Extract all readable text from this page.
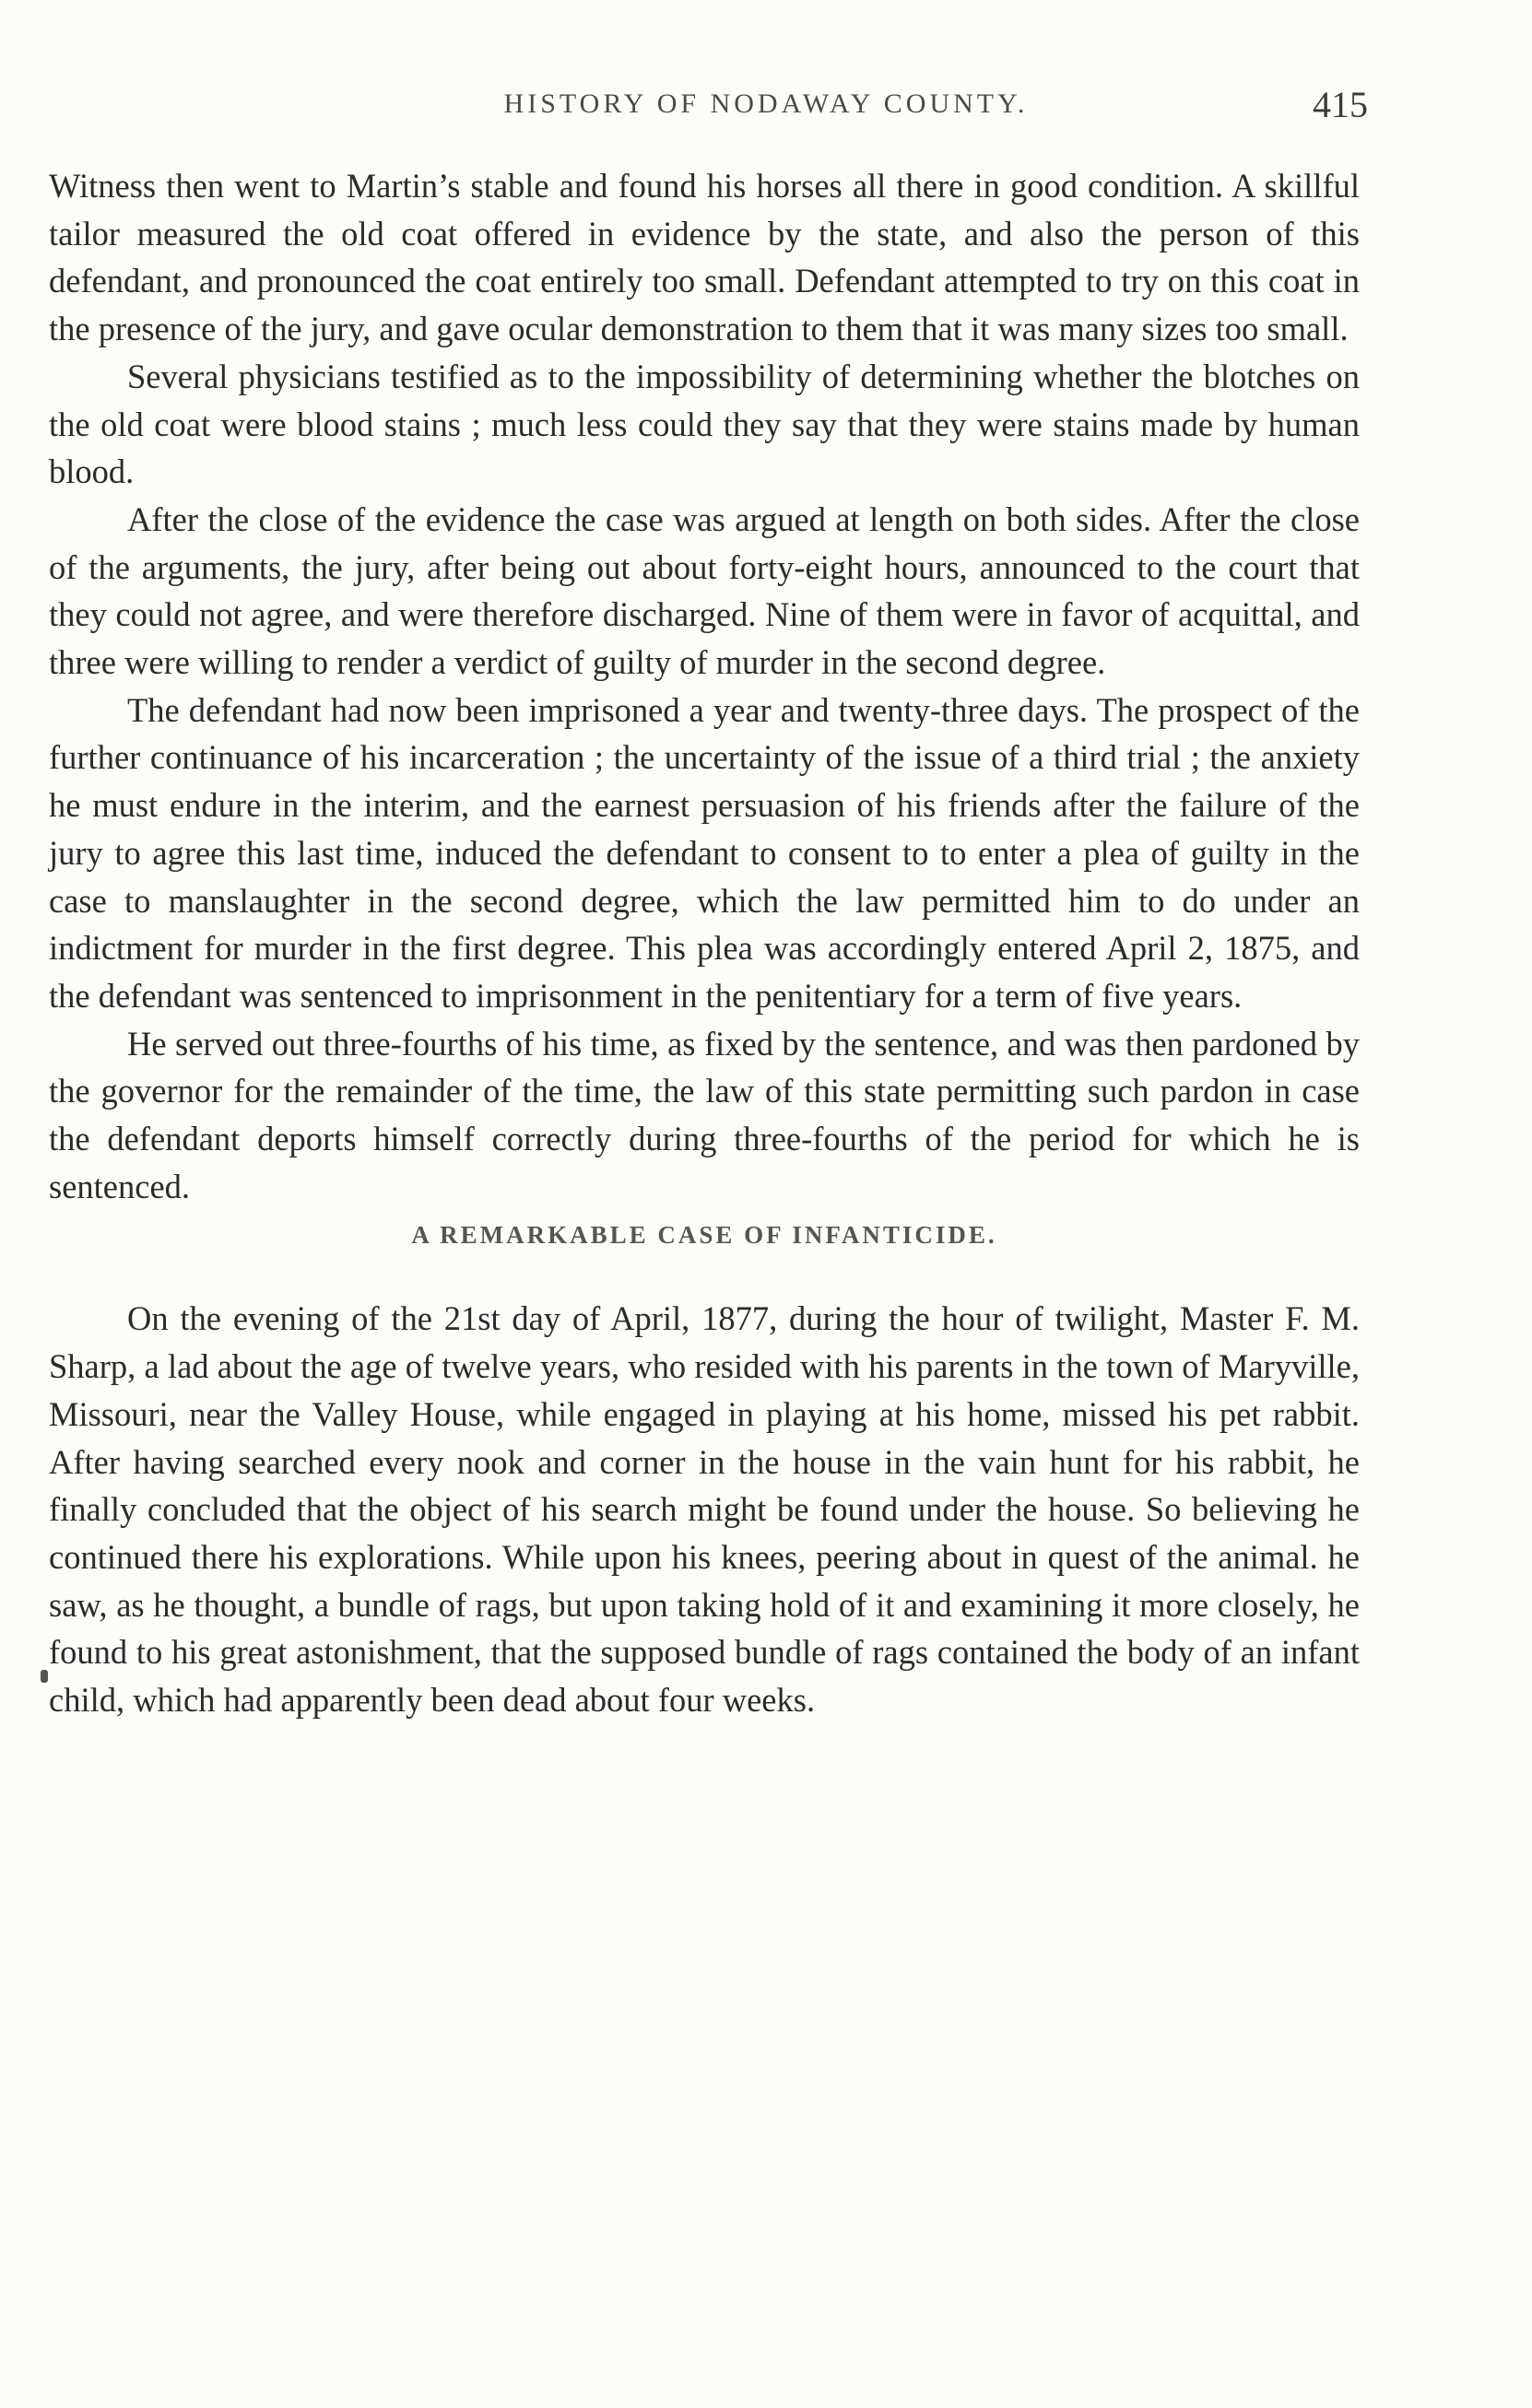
HISTORY OF NODAWAY COUNTY.	415

Witness then went to Martin’s stable and found his horses all there in good condition. A skillful tailor measured the old coat offered in evidence by the state, and also the person of this defendant, and pronounced the coat entirely too small. Defendant attempted to try on this coat in the presence of the jury, and gave ocular demonstration to them that it was many sizes too small.

Several physicians testified as to the impossibility of determining whether the blotches on the old coat were blood stains ; much less could they say that they were stains made by human blood.

After the close of the evidence the case was argued at length on both sides. After the close of the arguments, the jury, after being out about forty-eight hours, announced to the court that they could not agree, and were therefore discharged. Nine of them were in favor of acquittal, and three were willing to render a verdict of guilty of murder in the second degree.

The defendant had now been imprisoned a year and twenty-three days. The prospect of the further continuance of his incarceration ; the uncertainty of the issue of a third trial ; the anxiety he must endure in the interim, and the earnest persuasion of his friends after the failure of the jury to agree this last time, induced the defendant to consent to to enter a plea of guilty in the case to manslaughter in the second degree, which the law permitted him to do under an indictment for murder in the first degree. This plea was accordingly entered April 2, 1875, and the defendant was sentenced to imprisonment in the penitentiary for a term of five years.

He served out three-fourths of his time, as fixed by the sentence, and was then pardoned by the governor for the remainder of the time, the law of this state permitting such pardon in case the defendant deports himself correctly during three-fourths of the period for which he is sentenced.

A REMARKABLE CASE OF INFANTICIDE.

On the evening of the 21st day of April, 1877, during the hour of twilight, Master F. M. Sharp, a lad about the age of twelve years, who resided with his parents in the town of Maryville, Missouri, near the Valley House, while engaged in playing at his home, missed his pet rabbit. After having searched every nook and corner in the house in the vain hunt for his rabbit, he finally concluded that the object of his search might be found under the house. So believing he continued there his explorations. While upon his knees, peering about in quest of the animal. he saw, as he thought, a bundle of rags, but upon taking hold of it and examining it more closely, he found to his great astonishment, that the supposed bundle of rags contained the body of an infant child, which had apparently been dead about four weeks.
